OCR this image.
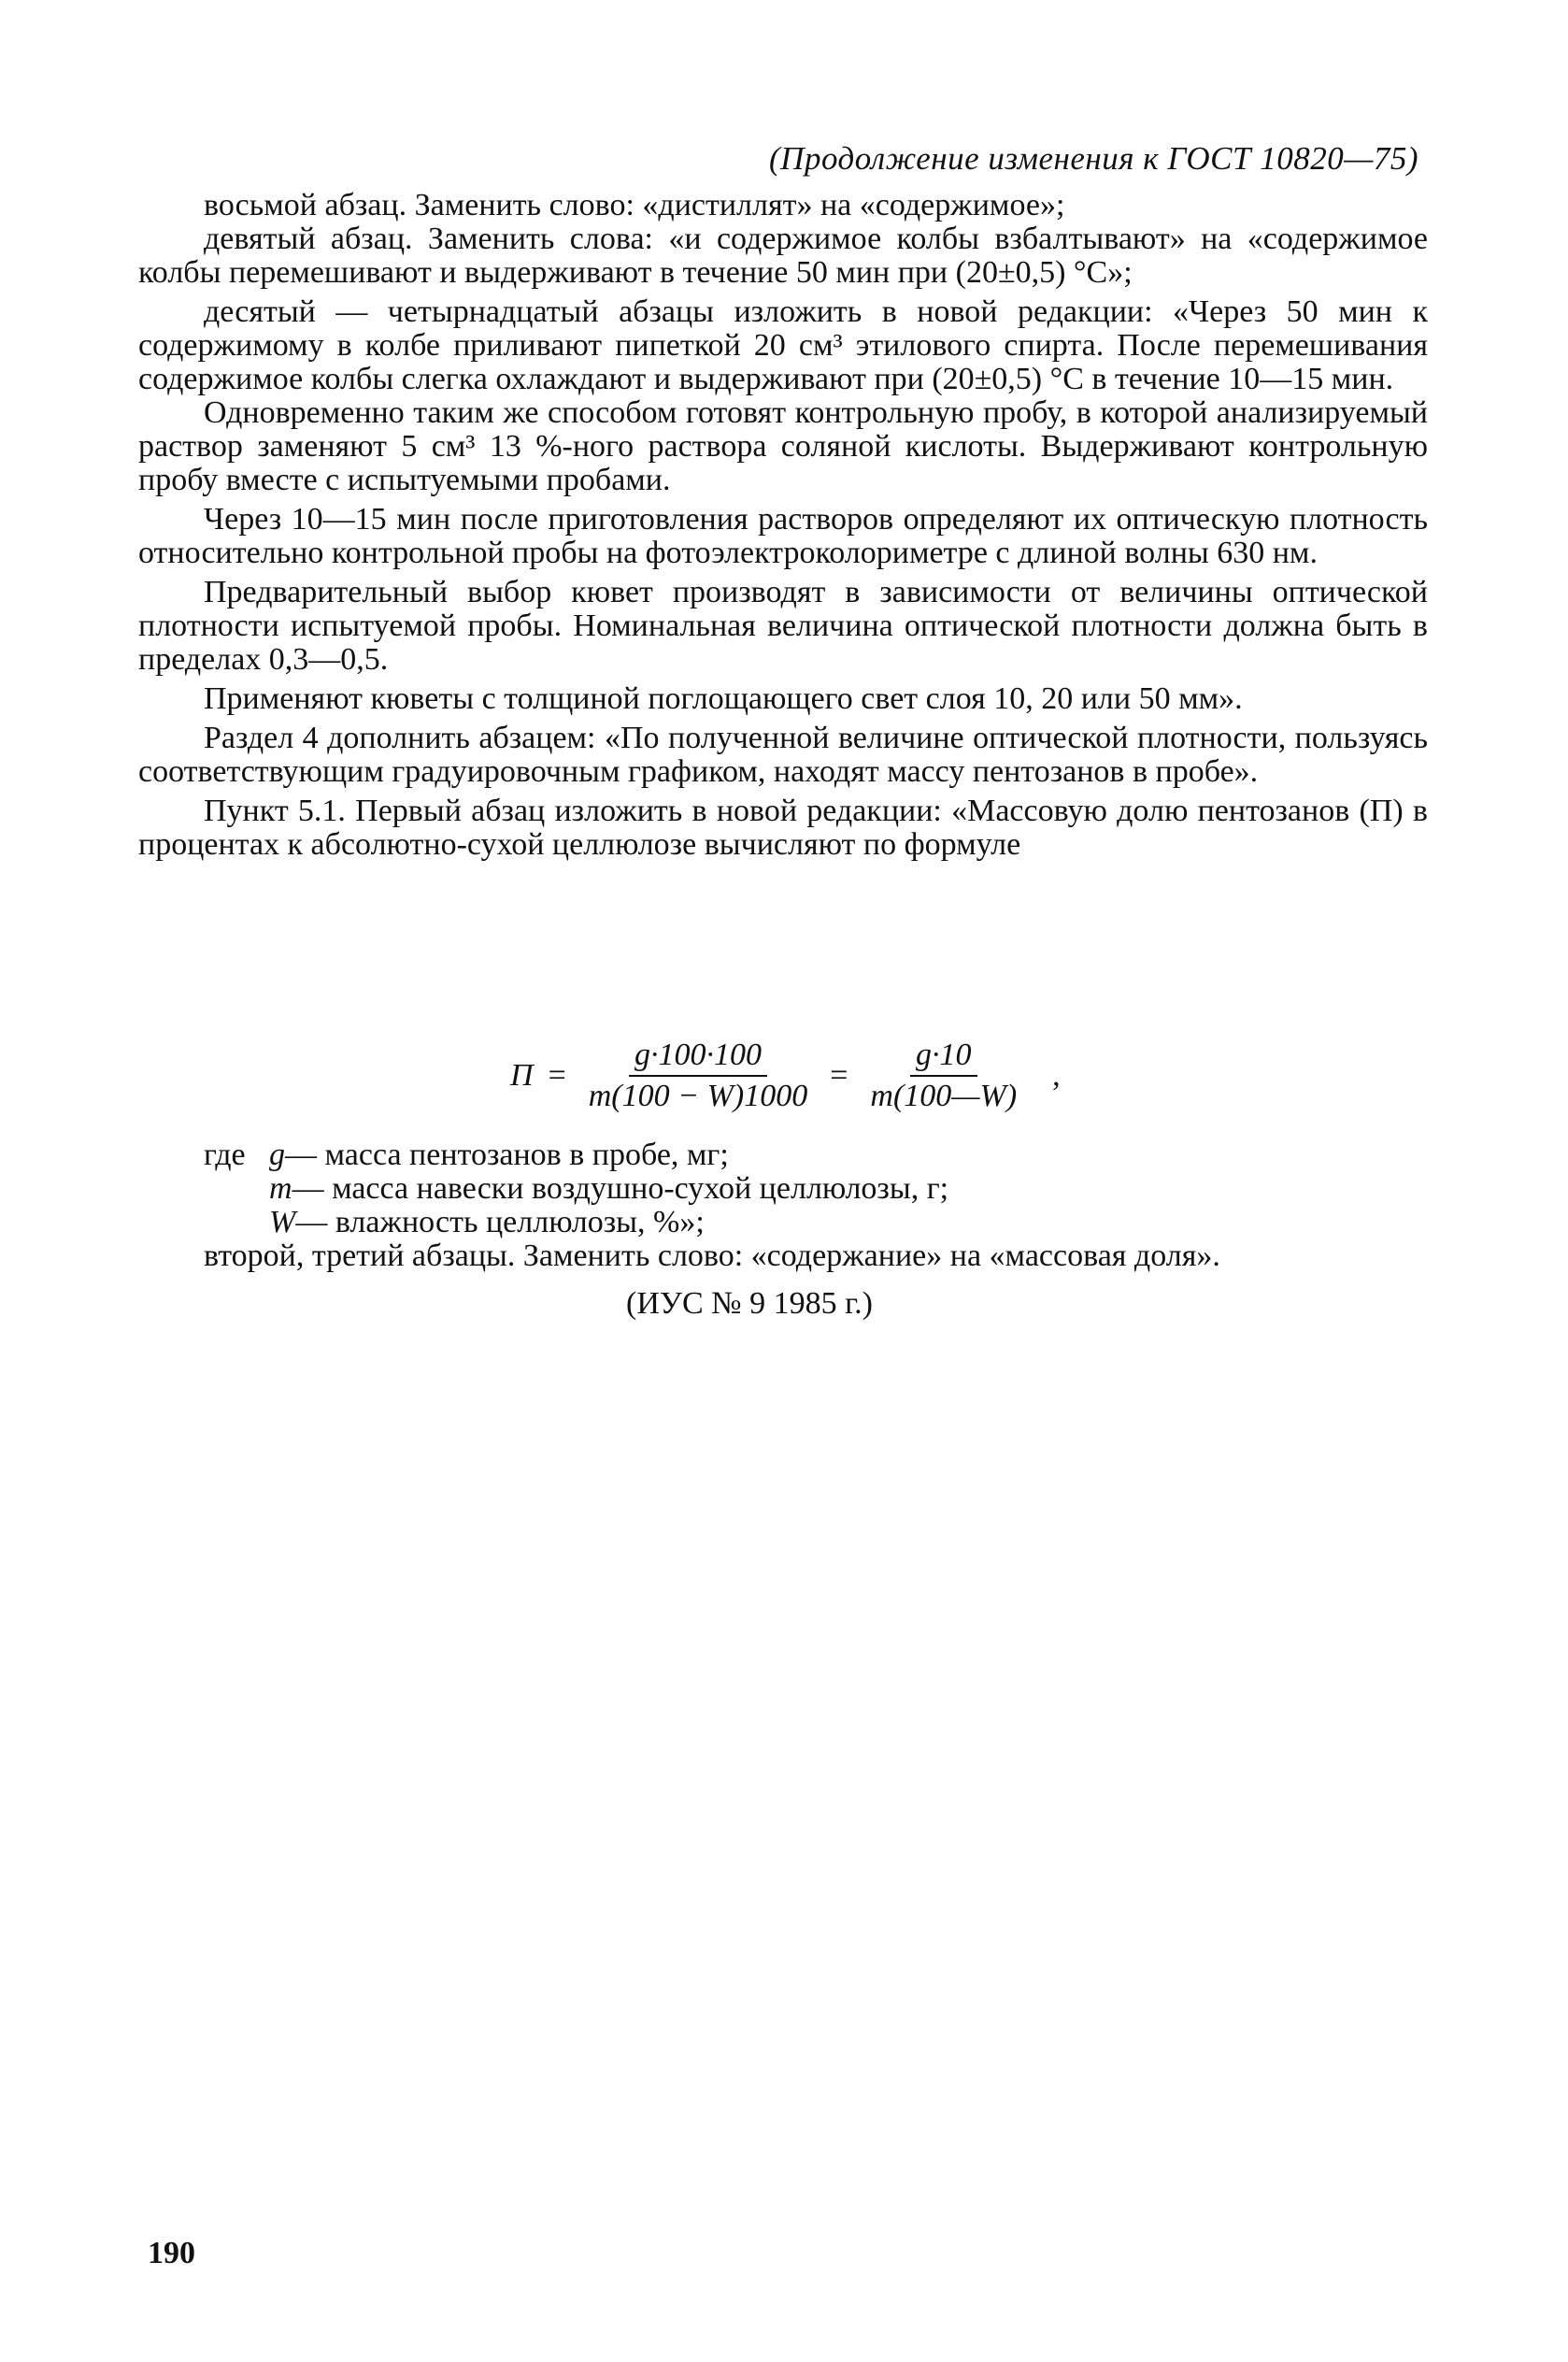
(Продолжение изменения к ГОСТ 10820—75)

восьмой абзац. Заменить слово: «дистиллят» на «содержимое»;

девятый абзац. Заменить слова: «и содержимое колбы взбалтывают» на «содержимое колбы перемешивают и выдерживают в течение 50 мин при (20±0,5) °С»;

десятый — четырнадцатый абзацы изложить в новой редакции: «Через 50 мин к содержимому в колбе приливают пипеткой 20 см³ этилового спирта. После перемешивания содержимое колбы слегка охлаждают и выдерживают при (20±0,5) °С в течение 10—15 мин.

Одновременно таким же способом готовят контрольную пробу, в которой анализируемый раствор заменяют 5 см³ 13 %-ного раствора соляной кислоты. Выдерживают контрольную пробу вместе с испытуемыми пробами.

Через 10—15 мин после приготовления растворов определяют их оптическую плотность относительно контрольной пробы на фотоэлектроколориметре с длиной волны 630 нм.

Предварительный выбор кювет производят в зависимости от величины оптической плотности испытуемой пробы. Номинальная величина оптической плотности должна быть в пределах 0,3—0,5.

Применяют кюветы с толщиной поглощающего свет слоя 10, 20 или 50 мм».

Раздел 4 дополнить абзацем: «По полученной величине оптической плотности, пользуясь соответствующим градуировочным графиком, находят массу пентозанов в пробе».

Пункт 5.1. Первый абзац изложить в новой редакции: «Массовую долю пентозанов (П) в процентах к абсолютно-сухой целлюлозе вычисляют по формуле

$П = \frac{g\cdot 100\cdot 100}{m(100 - W)1000} = \frac{g\cdot 10}{m(100—W)}$ ,
где g — масса пентозанов в пробе, мг;
m — масса навески воздушно-сухой целлюлозы, г;
W — влажность целлюлозы, %»;
второй, третий абзацы. Заменить слово: «содержание» на «массовая доля».
(ИУС № 9 1985 г.)
190
